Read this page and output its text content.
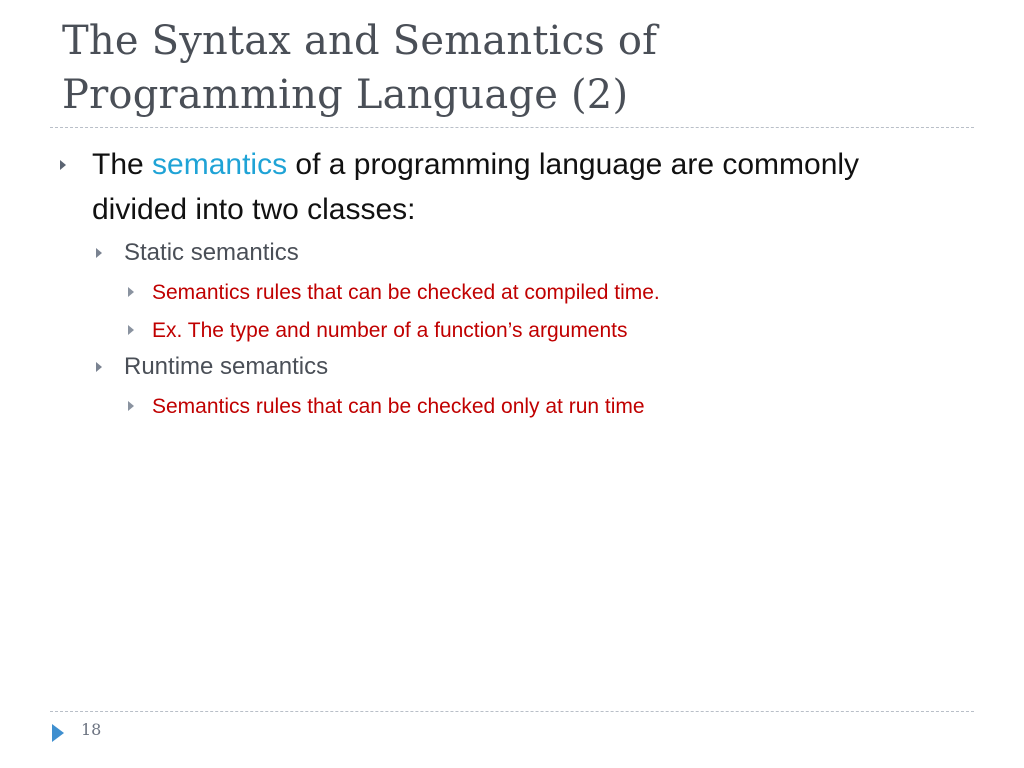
The Syntax and Semantics of
Programming Language (2)
The semantics of a programming language are commonly divided into two classes:
Static semantics
Semantics rules that can be checked at compiled time.
Ex. The type and number of a function’s arguments
Runtime semantics
Semantics rules that can be checked only at run time
18
